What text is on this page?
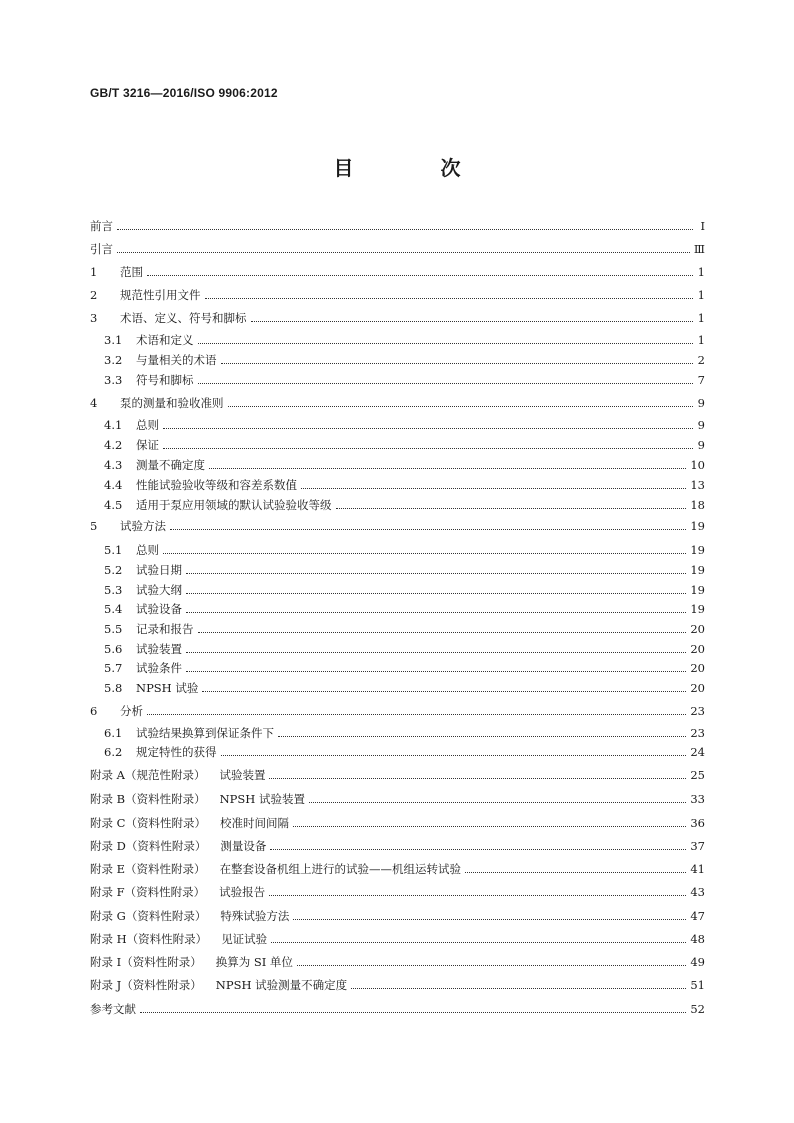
GB/T 3216—2016/ISO 9906:2012
目 次
前言	Ⅰ
引言	Ⅲ
1	范围	1
2	规范性引用文件	1
3	术语、定义、符号和脚标	1
3.1	术语和定义	1
3.2	与量相关的术语	2
3.3	符号和脚标	7
4	泵的测量和验收准则	9
4.1	总则	9
4.2	保证	9
4.3	测量不确定度	10
4.4	性能试验验收等级和容差系数值	13
4.5	适用于泵应用领域的默认试验验收等级	18
5	试验方法	19
5.1	总则	19
5.2	试验日期	19
5.3	试验大纲	19
5.4	试验设备	19
5.5	记录和报告	20
5.6	试验装置	20
5.7	试验条件	20
5.8	NPSH 试验	20
6	分析	23
6.1	试验结果换算到保证条件下	23
6.2	规定特性的获得	24
附录 A（规范性附录）	试验装置	25
附录 B（资料性附录）	NPSH 试验装置	33
附录 C（资料性附录）	校准时间间隔	36
附录 D（资料性附录）	测量设备	37
附录 E（资料性附录）	在整套设备机组上进行的试验——机组运转试验	41
附录 F（资料性附录）	试验报告	43
附录 G（资料性附录）	特殊试验方法	47
附录 H（资料性附录）	见证试验	48
附录 I（资料性附录）	换算为 SI 单位	49
附录 J（资料性附录）	NPSH 试验测量不确定度	51
参考文献	52
